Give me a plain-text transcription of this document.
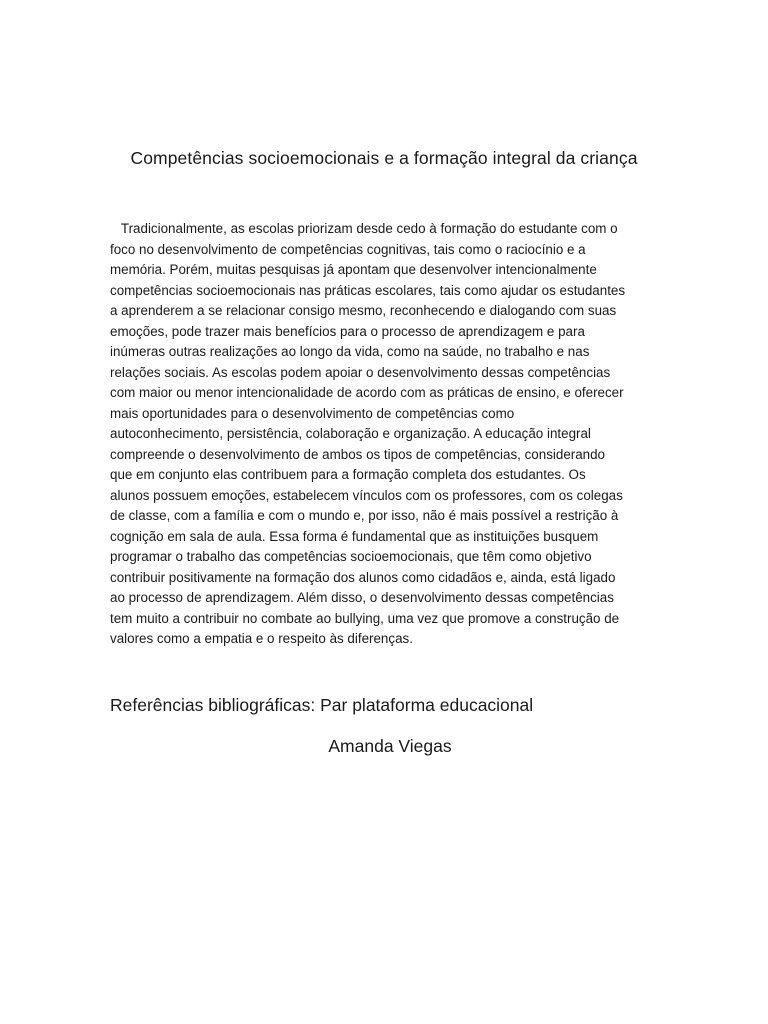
Competências socioemocionais e a formação integral da criança
Tradicionalmente, as escolas priorizam desde cedo à formação do estudante com o
foco no desenvolvimento de competências cognitivas, tais como o raciocínio e a
memória. Porém, muitas pesquisas já apontam que desenvolver intencionalmente
competências socioemocionais nas práticas escolares, tais como ajudar os estudantes
a aprenderem a se relacionar consigo mesmo, reconhecendo e dialogando com suas
emoções, pode trazer mais benefícios para o processo de aprendizagem e para
inúmeras outras realizações ao longo da vida, como na saúde, no trabalho e nas
relações sociais. As escolas podem apoiar o desenvolvimento dessas competências
com maior ou menor intencionalidade de acordo com as práticas de ensino, e oferecer
mais oportunidades para o desenvolvimento de competências como
autoconhecimento, persistência, colaboração e organização. A educação integral
compreende o desenvolvimento de ambos os tipos de competências, considerando
que em conjunto elas contribuem para a formação completa dos estudantes. Os
alunos possuem emoções, estabelecem vínculos com os professores, com os colegas
de classe, com a família e com o mundo e, por isso, não é mais possível a restrição à
cognição em sala de aula. Essa forma é fundamental que as instituições busquem
programar o trabalho das competências socioemocionais, que têm como objetivo
contribuir positivamente na formação dos alunos como cidadãos e, ainda, está ligado
ao processo de aprendizagem. Além disso, o desenvolvimento dessas competências
tem muito a contribuir no combate ao bullying, uma vez que promove a construção de
valores como a empatia e o respeito às diferenças.

Referências bibliográficas: Par plataforma educacional

Amanda Viegas
